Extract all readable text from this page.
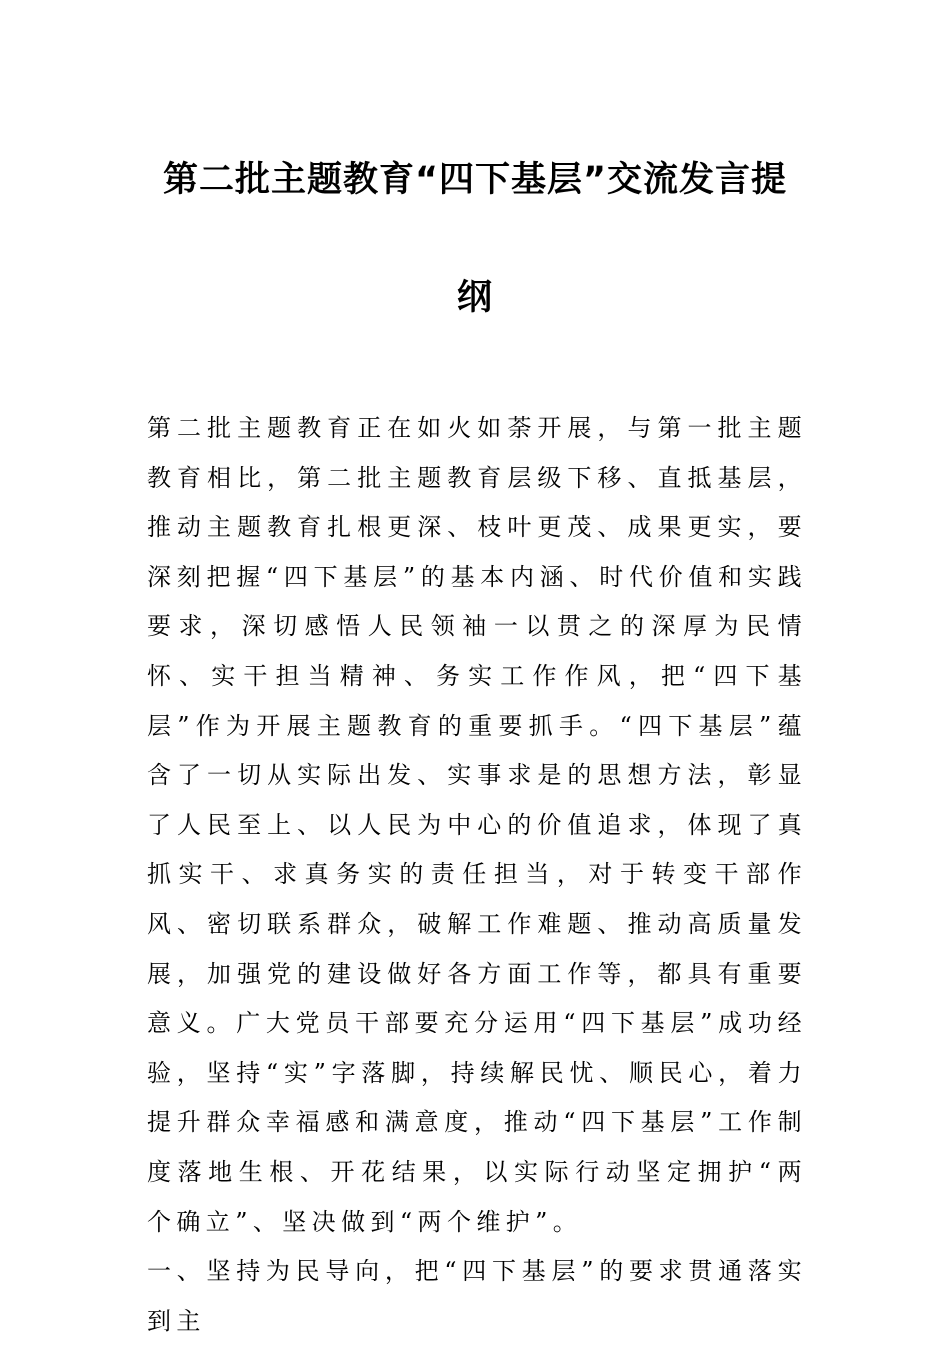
第二批主题教育“四下基层”交流发言提
纲

第二批主题教育正在如火如荼开展，与第一批主题教育相比，第二批主题教育层级下移、直抵基层，推动主题教育扎根更深、枝叶更茂、成果更实，要深刻把握“四下基层”的基本内涵、时代价值和实践要求，深切感悟人民领袖一以贯之的深厚为民情怀、实干担当精神、务实工作作风，把“四下基层”作为开展主题教育的重要抓手。“四下基层”蕴含了一切从实际出发、实事求是的思想方法，彰显了人民至上、以人民为中心的价值追求，体现了真抓实干、求真务实的责任担当，对于转变干部作风、密切联系群众，破解工作难题、推动高质量发展，加强党的建设做好各方面工作等，都具有重要意义。广大党员干部要充分运用“四下基层”成功经验，坚持“实”字落脚，持续解民忧、顺民心，着力提升群众幸福感和满意度，推动“四下基层”工作制度落地生根、开花结果，以实际行动坚定拥护“两个确立”、坚决做到“两个维护”。

一、坚持为民导向，把“四下基层”的要求贯通落实到主
